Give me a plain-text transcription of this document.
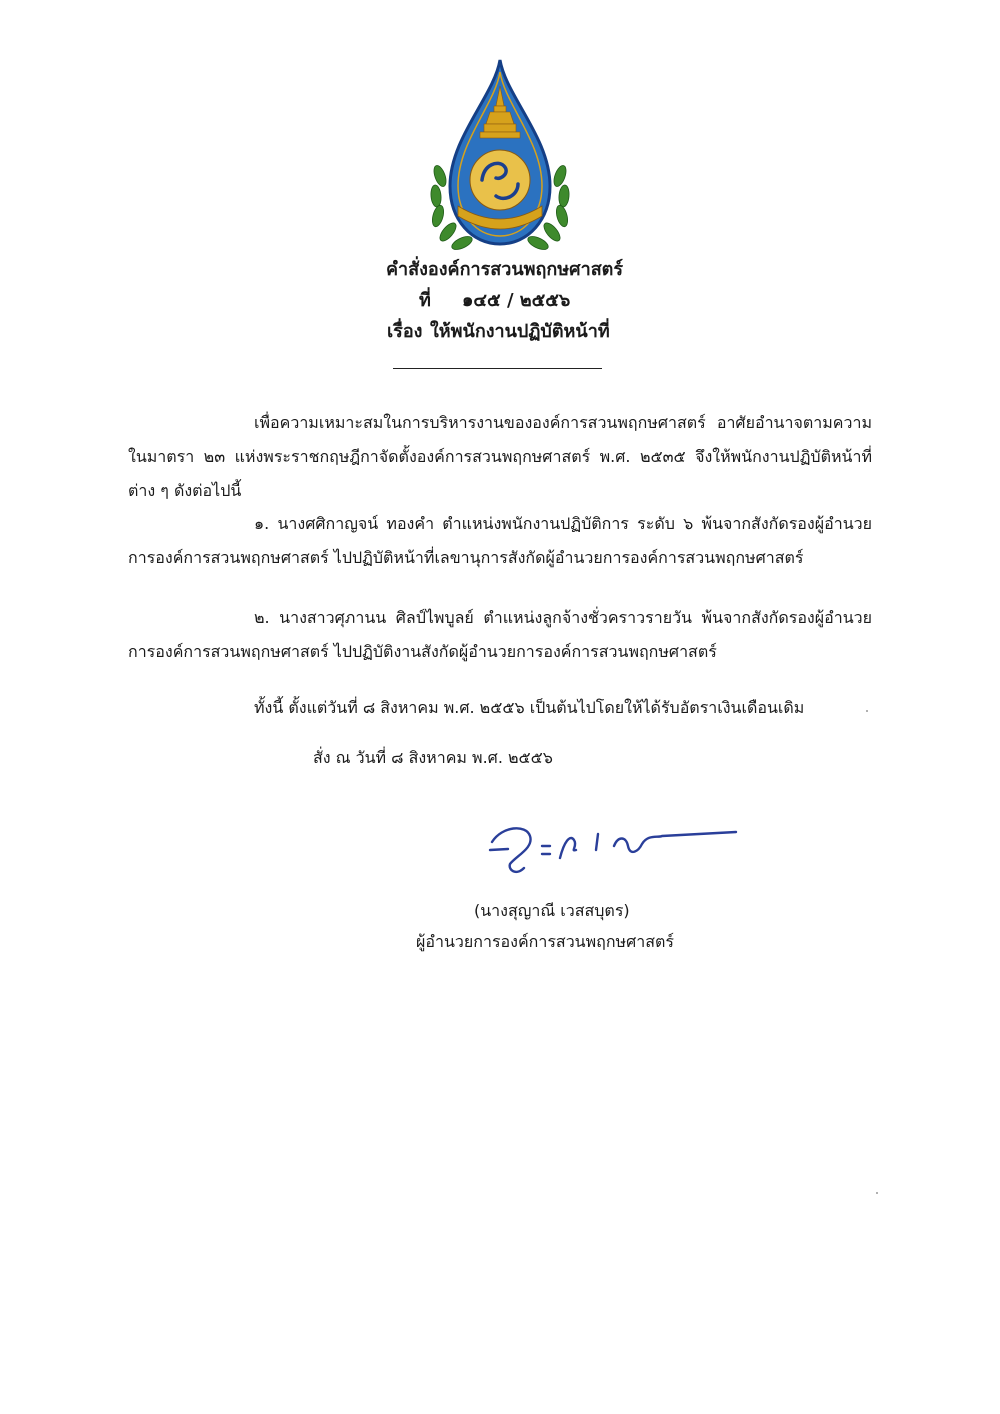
คำสั่งองค์การสวนพฤกษศาสตร์
ที่ ๑๔๕ / ๒๕๕๖
เรื่อง ให้พนักงานปฏิบัติหน้าที่
เพื่อความเหมาะสมในการบริหารงานขององค์การสวนพฤกษศาสตร์ อาศัยอำนาจตามความในมาตรา ๒๓ แห่งพระราชกฤษฎีกาจัดตั้งองค์การสวนพฤกษศาสตร์ พ.ศ. ๒๕๓๕ จึงให้พนักงานปฏิบัติหน้าที่ต่าง ๆ ดังต่อไปนี้
๑. นางศศิกาญจน์ ทองคำ ตำแหน่งพนักงานปฏิบัติการ ระดับ ๖ พ้นจากสังกัดรองผู้อำนวยการองค์การสวนพฤกษศาสตร์ ไปปฏิบัติหน้าที่เลขานุการสังกัดผู้อำนวยการองค์การสวนพฤกษศาสตร์
๒. นางสาวศุภานน ศิลป์ไพบูลย์ ตำแหน่งลูกจ้างชั่วคราวรายวัน พ้นจากสังกัดรองผู้อำนวยการองค์การสวนพฤกษศาสตร์ ไปปฏิบัติงานสังกัดผู้อำนวยการองค์การสวนพฤกษศาสตร์
ทั้งนี้ ตั้งแต่วันที่ ๘ สิงหาคม พ.ศ. ๒๕๕๖ เป็นต้นไปโดยให้ได้รับอัตราเงินเดือนเดิม
สั่ง ณ วันที่ ๘ สิงหาคม พ.ศ. ๒๕๕๖
(นางสุญาณี เวสสบุตร)
ผู้อำนวยการองค์การสวนพฤกษศาสตร์
